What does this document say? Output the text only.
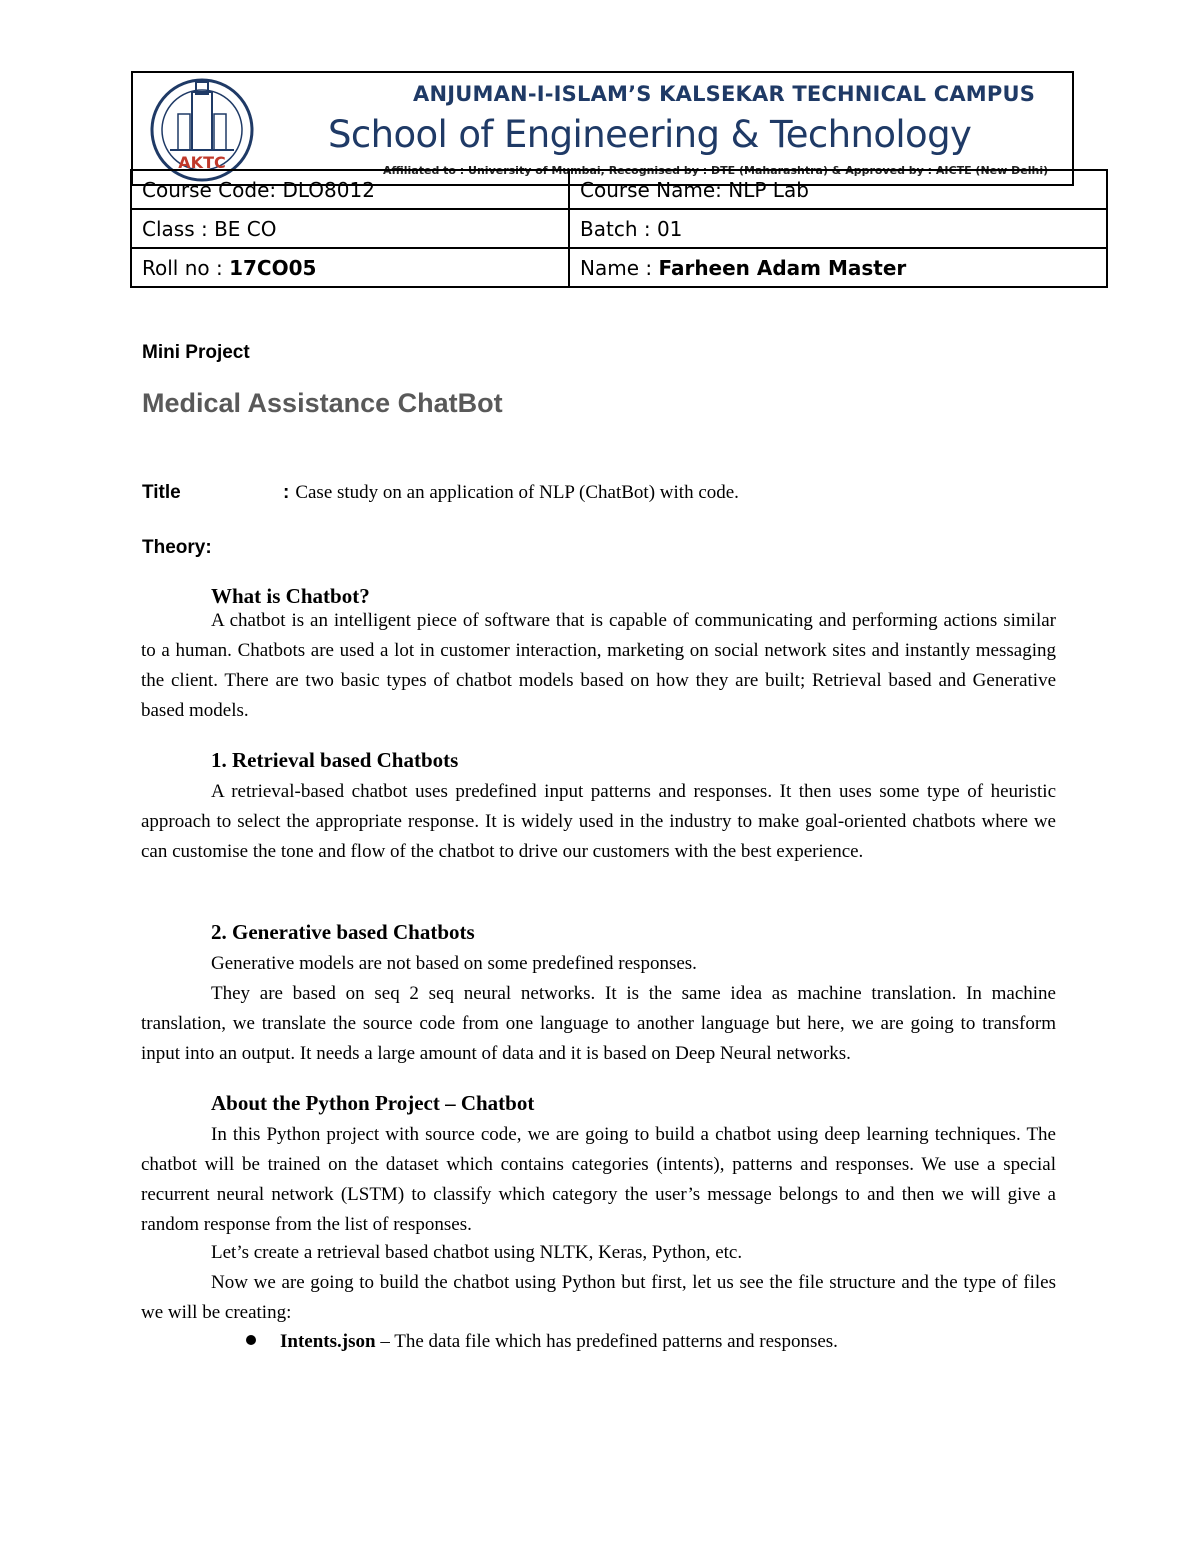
AKTC
ANJUMAN-I-ISLAM’S KALSEKAR TECHNICAL CAMPUS
School of Engineering & Technology
Affiliated to : University of Mumbai, Recognised by : DTE (Maharashtra) & Approved by : AICTE (New Delhi)
Course Code: DLO8012	Course Name: NLP Lab
Class : BE CO	Batch : 01
Roll no : 17CO05	Name : Farheen Adam Master
Mini Project
Medical Assistance ChatBot
Title	: Case study on an application of NLP (ChatBot) with code.
Theory:
What is Chatbot?
A chatbot is an intelligent piece of software that is capable of communicating and performing actions similar to a human. Chatbots are used a lot in customer interaction, marketing on social network sites and instantly messaging the client. There are two basic types of chatbot models based on how they are built; Retrieval based and Generative based models.
1. Retrieval based Chatbots
A retrieval-based chatbot uses predefined input patterns and responses. It then uses some type of heuristic approach to select the appropriate response. It is widely used in the industry to make goal-oriented chatbots where we can customise the tone and flow of the chatbot to drive our customers with the best experience.
2. Generative based Chatbots
Generative models are not based on some predefined responses.
They are based on seq 2 seq neural networks. It is the same idea as machine translation. In machine translation, we translate the source code from one language to another language but here, we are going to transform input into an output. It needs a large amount of data and it is based on Deep Neural networks.
About the Python Project – Chatbot
In this Python project with source code, we are going to build a chatbot using deep learning techniques. The chatbot will be trained on the dataset which contains categories (intents), patterns and responses. We use a special recurrent neural network (LSTM) to classify which category the user’s message belongs to and then we will give a random response from the list of responses.
Let’s create a retrieval based chatbot using NLTK, Keras, Python, etc.
Now we are going to build the chatbot using Python but first, let us see the file structure and the type of files we will be creating:
Intents.json – The data file which has predefined patterns and responses.
